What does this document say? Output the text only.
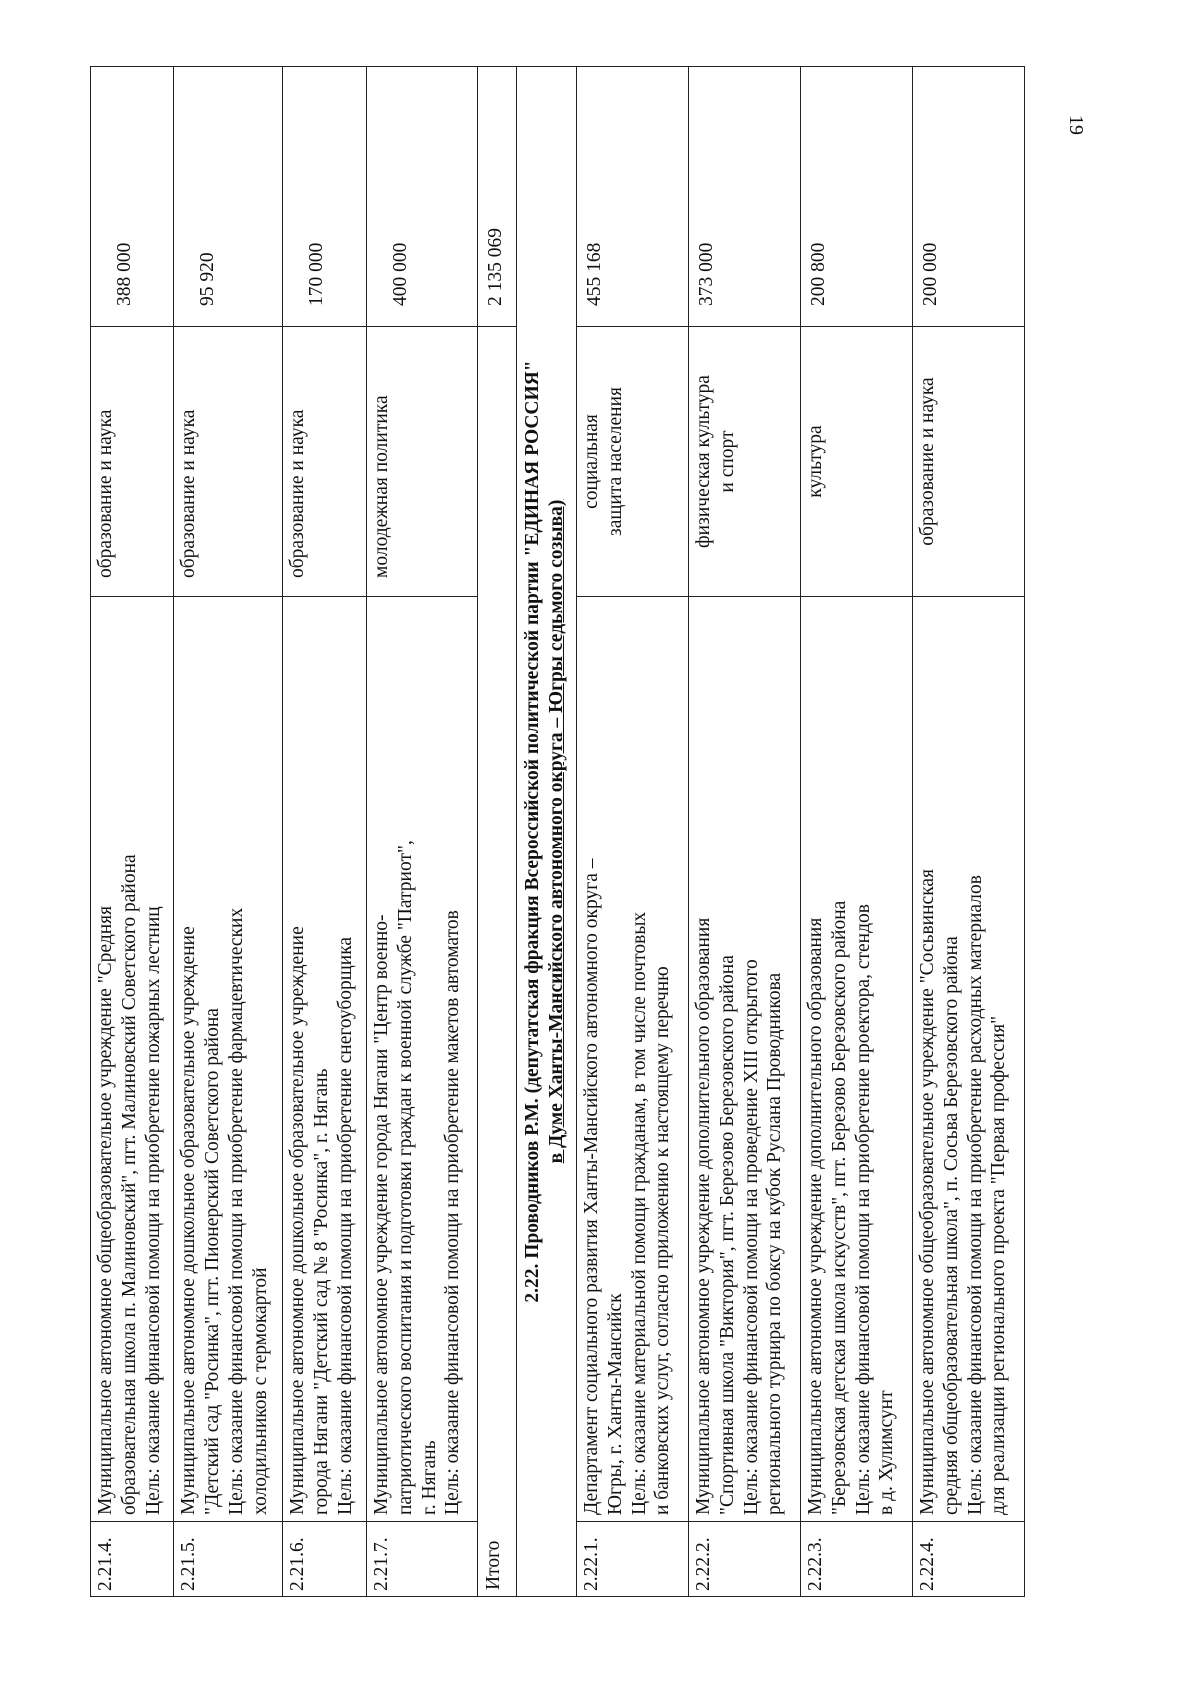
19
2.21.4.	Муниципальное автономное общеобразовательное учреждение "Средняя образовательная школа п. Малиновский", пгт. Малиновский Советского района Цель: оказание финансовой помощи на приобретение пожарных лестниц	образование и наука	388 000
2.21.5.	Муниципальное автономное дошкольное образовательное учреждение "Детский сад "Росинка", пгт. Пионерский Советского района Цель: оказание финансовой помощи на приобретение фармацевтических холодильников с термокартой	образование и наука	95 920
2.21.6.	Муниципальное автономное дошкольное образовательное учреждение города Нягани "Детский сад № 8 "Росинка", г. Нягань Цель: оказание финансовой помощи на приобретение снегоуборщика	образование и наука	170 000
2.21.7.	Муниципальное автономное учреждение города Нягани "Центр военно- патриотического воспитания и подготовки граждан к военной службе "Патриот", г. Нягань Цель: оказание финансовой помощи на приобретение макетов автоматов	молодежная политика	400 000
Итого			2 135 069

2.22. Проводников Р.М. (депутатская фракция Всероссийской политической партии "ЕДИНАЯ РОССИЯ" в Думе Ханты-Мансийского автономного округа – Югры седьмого созыва)			

2.22.1.	Департамент социального развития Ханты-Мансийского автономного округа – Югры, г. Ханты-Мансийск Цель: оказание материальной помощи гражданам, в том числе почтовых и банковских услуг, согласно приложению к настоящему перечню	социальная защита населения	455 168
2.22.2.	Муниципальное автономное учреждение дополнительного образования "Спортивная школа "Виктория", пгт. Березово Березовского района Цель: оказание финансовой помощи на проведение XIII открытого регионального турнира по боксу на кубок Руслана Проводникова	физическая культура и спорт	373 000
2.22.3.	Муниципальное автономное учреждение дополнительного образования "Березовская детская школа искусств", пгт. Березово Березовского района Цель: оказание финансовой помощи на приобретение проектора, стендов в д. Хулимсунт	культура	200 800
2.22.4.	Муниципальное автономное общеобразовательное учреждение "Сосьвинская средняя общеобразовательная школа", п. Сосьва Березовского района Цель: оказание финансовой помощи на приобретение расходных материалов для реализации регионального проекта "Первая профессия"	образование и наука	200 000
